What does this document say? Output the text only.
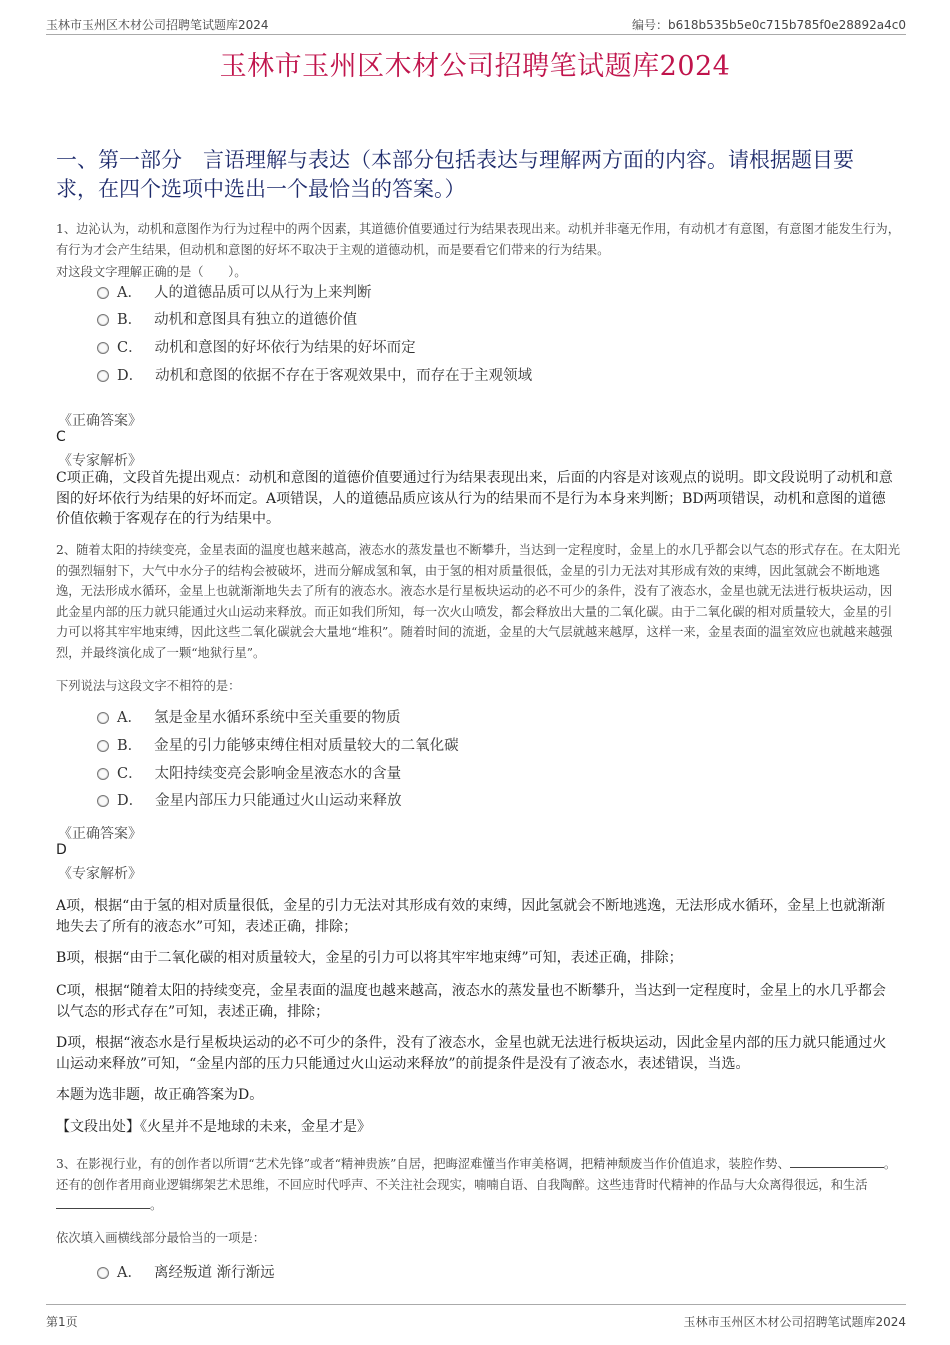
玉林市玉州区木材公司招聘笔试题库2024	编号：b618b535b5e0c715b785f0e28892a4c0
玉林市玉州区木材公司招聘笔试题库2024
一、第一部分　言语理解与表达（本部分包括表达与理解两方面的内容。请根据题目要求，在四个选项中选出一个最恰当的答案。）
1、边沁认为，动机和意图作为行为过程中的两个因素，其道德价值要通过行为结果表现出来。动机并非毫无作用，有动机才有意图，有意图才能发生行为，有行为才会产生结果，但动机和意图的好坏不取决于主观的道德动机，而是要看它们带来的行为结果。
对这段文字理解正确的是（　　）。
A． 人的道德品质可以从行为上来判断
B． 动机和意图具有独立的道德价值
C． 动机和意图的好坏依行为结果的好坏而定
D． 动机和意图的依据不存在于客观效果中，而存在于主观领域
《正确答案》
C
《专家解析》
C项正确，文段首先提出观点：动机和意图的道德价值要通过行为结果表现出来，后面的内容是对该观点的说明。即文段说明了动机和意图的好坏依行为结果的好坏而定。A项错误，人的道德品质应该从行为的结果而不是行为本身来判断；BD两项错误，动机和意图的道德价值依赖于客观存在的行为结果中。
2、随着太阳的持续变亮，金星表面的温度也越来越高，液态水的蒸发量也不断攀升，当达到一定程度时，金星上的水几乎都会以气态的形式存在。在太阳光的强烈辐射下，大气中水分子的结构会被破坏，进而分解成氢和氧，由于氢的相对质量很低，金星的引力无法对其形成有效的束缚，因此氢就会不断地逃逸，无法形成水循环，金星上也就渐渐地失去了所有的液态水。液态水是行星板块运动的必不可少的条件，没有了液态水，金星也就无法进行板块运动，因此金星内部的压力就只能通过火山运动来释放。而正如我们所知，每一次火山喷发，都会释放出大量的二氧化碳。由于二氧化碳的相对质量较大，金星的引力可以将其牢牢地束缚，因此这些二氧化碳就会大量地“堆积”。随着时间的流逝，金星的大气层就越来越厚，这样一来，金星表面的温室效应也就越来越强烈，并最终演化成了一颗“地狱行星”。
下列说法与这段文字不相符的是：
A． 氢是金星水循环系统中至关重要的物质
B． 金星的引力能够束缚住相对质量较大的二氧化碳
C． 太阳持续变亮会影响金星液态水的含量
D． 金星内部压力只能通过火山运动来释放
《正确答案》
D
《专家解析》
A项，根据“由于氢的相对质量很低，金星的引力无法对其形成有效的束缚，因此氢就会不断地逃逸，无法形成水循环，金星上也就渐渐地失去了所有的液态水”可知，表述正确，排除；
B项，根据“由于二氧化碳的相对质量较大，金星的引力可以将其牢牢地束缚”可知，表述正确，排除；
C项，根据“随着太阳的持续变亮，金星表面的温度也越来越高，液态水的蒸发量也不断攀升，当达到一定程度时，金星上的水几乎都会以气态的形式存在”可知，表述正确，排除；
D项，根据“液态水是行星板块运动的必不可少的条件，没有了液态水，金星也就无法进行板块运动，因此金星内部的压力就只能通过火山运动来释放”可知，“金星内部的压力只能通过火山运动来释放”的前提条件是没有了液态水，表述错误，当选。
本题为选非题，故正确答案为D。
【文段出处】《火星并不是地球的未来，金星才是》
3、在影视行业，有的创作者以所谓“艺术先锋”或者“精神贵族”自居，把晦涩难懂当作审美格调，把精神颓废当作价值追求，装腔作势、	。还有的创作者用商业逻辑绑架艺术思维，不回应时代呼声、不关注社会现实，喃喃自语、自我陶醉。这些违背时代精神的作品与大众离得很远，和生活。
依次填入画横线部分最恰当的一项是：
A． 离经叛道 渐行渐远
第1页	玉林市玉州区木材公司招聘笔试题库2024
